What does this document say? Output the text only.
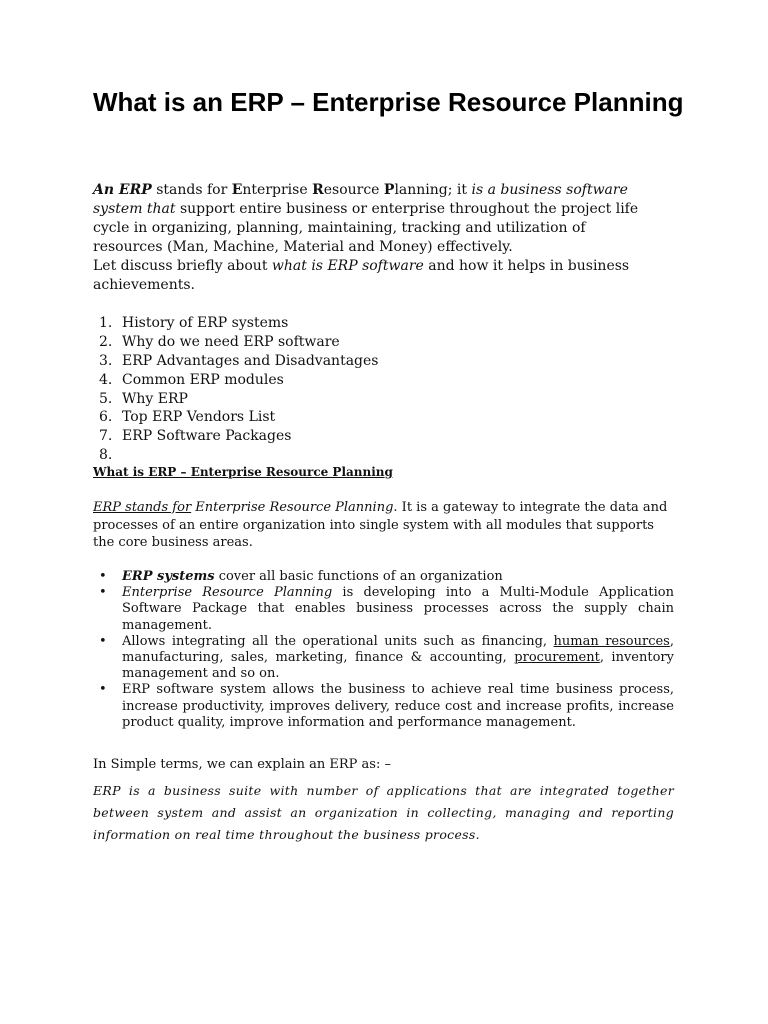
What is an ERP – Enterprise Resource Planning

An ERP stands for Enterprise Resource Planning; it is a business software system that support entire business or enterprise throughout the project life cycle in organizing, planning, maintaining, tracking and utilization of resources (Man, Machine, Material and Money) effectively.

Let discuss briefly about what is ERP software and how it helps in business achievements.

1. History of ERP systems
2. Why do we need ERP software
3. ERP Advantages and Disadvantages
4. Common ERP modules
5. Why ERP
6. Top ERP Vendors List
7. ERP Software Packages
8.

What is ERP – Enterprise Resource Planning

ERP stands for Enterprise Resource Planning. It is a gateway to integrate the data and processes of an entire organization into single system with all modules that supports the core business areas.

• ERP systems cover all basic functions of an organization
• Enterprise Resource Planning is developing into a Multi-Module Application Software Package that enables business processes across the supply chain management.
• Allows integrating all the operational units such as financing, human resources, manufacturing, sales, marketing, finance & accounting, procurement, inventory management and so on.
• ERP software system allows the business to achieve real time business process, increase productivity, improves delivery, reduce cost and increase profits, increase product quality, improve information and performance management.

In Simple terms, we can explain an ERP as: –

ERP is a business suite with number of applications that are integrated together between system and assist an organization in collecting, managing and reporting information on real time throughout the business process.
